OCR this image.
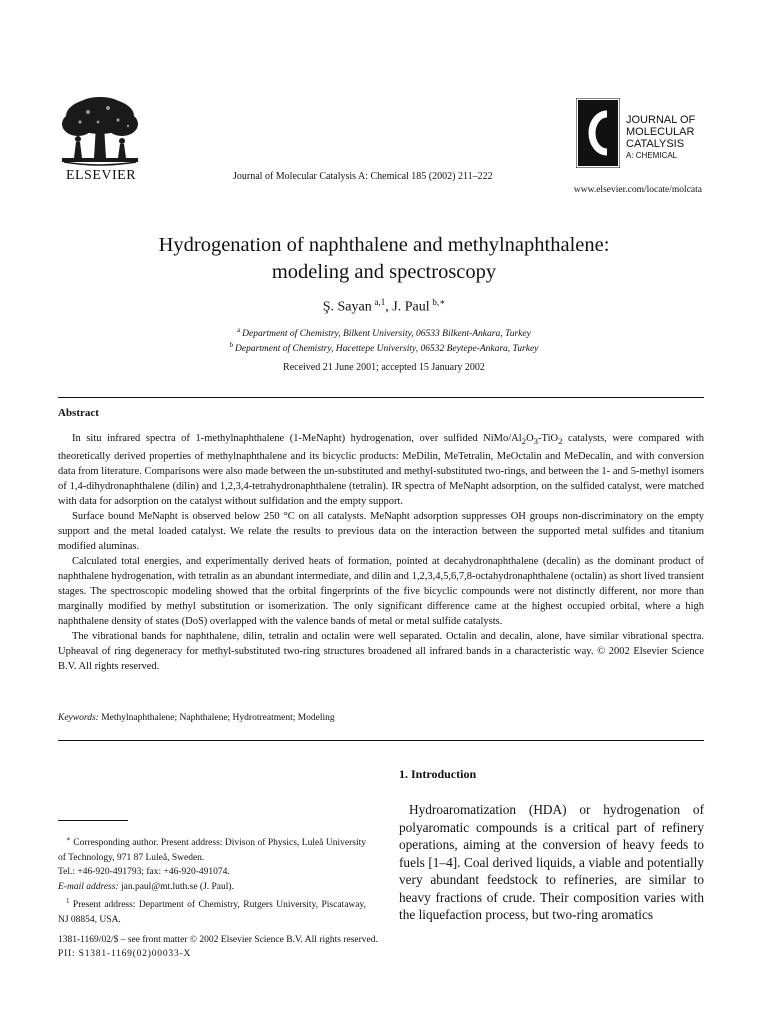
ELSEVIER	Journal of Molecular Catalysis A: Chemical 185 (2002) 211–222
JOURNAL OF
MOLECULAR
CATALYSIS
A: CHEMICAL
www.elsevier.com/locate/molcata
Hydrogenation of naphthalene and methylnaphthalene:
modeling and spectroscopy
Ş. Sayan  $^{a,1}$, J. Paul  $^{b,∗}$
$^a$  Department of Chemistry, Bilkent University, 06533 Bilkent-Ankara, Turkey
$^b$  Department of Chemistry, Hacettepe University, 06532 Beytepe-Ankara, Turkey
Received 21 June 2001; accepted 15 January 2002
Abstract

In situ infrared spectra of 1-methylnaphthalene (1-MeNapht) hydrogenation, over sulfided NiMo/$Al_2O_3-TiO_2$ catalysts, were compared with theoretically derived properties of methylnaphthalene and its bicyclic products: MeDilin, MeTetralin, MeOctalin and MeDecalin, and with conversion data from literature. Comparisons were also made between the un-substituted and methyl-substituted two-rings, and between the 1- and 5-methyl isomers of 1,4-dihydronaphthalene (dilin) and 1,2,3,4-tetrahydronaphthalene (tetralin). IR spectra of MeNapht adsorption, on the sulfided catalyst, were matched with data for adsorption on the catalyst without sulfidation and the empty support.

Surface bound MeNapht is observed below 250 °C on all catalysts. MeNapht adsorption suppresses OH groups non-discriminatory on the empty support and the metal loaded catalyst. We relate the results to previous data on the interaction between the supported metal sulfides and titanium modified aluminas.

Calculated total energies, and experimentally derived heats of formation, pointed at decahydronaphthalene (decalin) as the dominant product of naphthalene hydrogenation, with tetralin as an abundant intermediate, and dilin and 1,2,3,4,5,6,7,8-octahydronaphthalene (octalin) as short lived transient stages. The spectroscopic modeling showed that the orbital fingerprints of the five bicyclic compounds were not distinctly different, nor more than marginally modified by methyl substitution or isomerization. The only significant difference came at the highest occupied orbital, where a high naphthalene density of states (DoS) overlapped with the valence bands of metal or metal sulfide catalysts.

The vibrational bands for naphthalene, dilin, tetralin and octalin were well separated. Octalin and decalin, alone, have similar vibrational spectra. Upheaval of ring degeneracy for methyl-substituted two-ring structures broadened all infrared bands in a characteristic way. © 2002 Elsevier Science B.V. All rights reserved.

Keywords: Methylnaphthalene; Naphthalene; Hydrotreatment; Modeling
1. Introduction
Hydroaromatization (HDA) or hydrogenation of polyaromatic compounds is a critical part of refinery operations, aiming at the conversion of heavy feeds to fuels [1–4]. Coal derived liquids, a viable and potentially very abundant feedstock to refineries, are similar to heavy fractions of crude. Their composition varies with the liquefaction process, but two-ring aromatics

∗ Corresponding author. Present address: Divison of Physics, Luleå University of Technology, 971 87 Luleå, Sweden.

Tel.: +46-920-491793; fax: +46-920-491074.

E-mail address: jan.paul@mt.luth.se (J. Paul).

$^1$ Present address: Department of Chemistry, Rutgers University, Piscataway, NJ 08854, USA.

1381-1169/02/$ – see front matter © 2002 Elsevier Science B.V. All rights reserved.
PII: S1381-1169(02)00033-X
